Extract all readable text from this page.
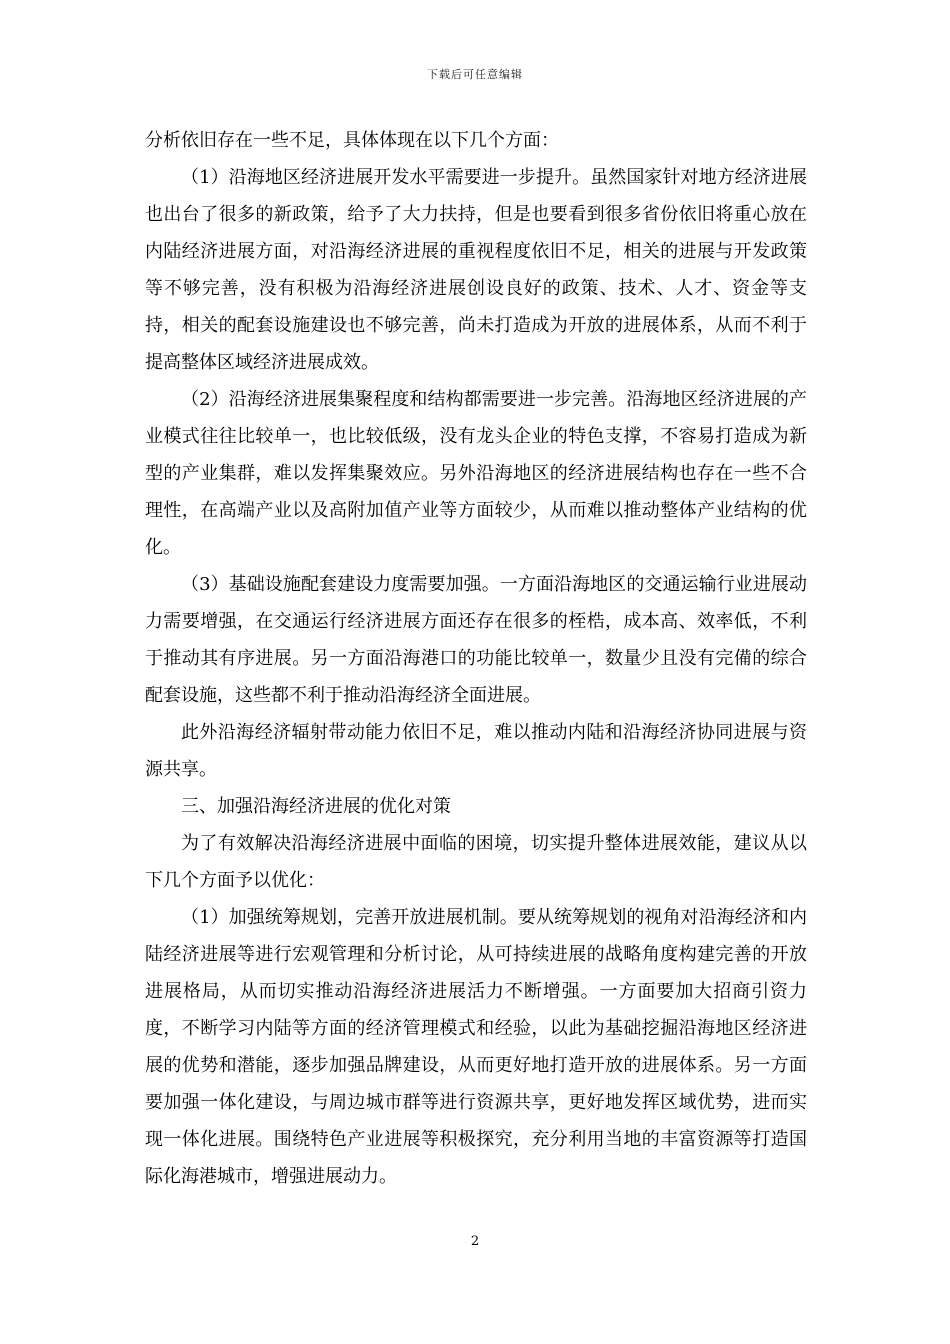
下载后可任意编辑

分析依旧存在一些不足，具体体现在以下几个方面：

（1）沿海地区经济进展开发水平需要进一步提升。虽然国家针对地方经济进展也出台了很多的新政策，给予了大力扶持，但是也要看到很多省份依旧将重心放在内陆经济进展方面，对沿海经济进展的重视程度依旧不足，相关的进展与开发政策等不够完善，没有积极为沿海经济进展创设良好的政策、技术、人才、资金等支持，相关的配套设施建设也不够完善，尚未打造成为开放的进展体系，从而不利于提高整体区域经济进展成效。

（2）沿海经济进展集聚程度和结构都需要进一步完善。沿海地区经济进展的产业模式往往比较单一，也比较低级，没有龙头企业的特色支撑，不容易打造成为新型的产业集群，难以发挥集聚效应。另外沿海地区的经济进展结构也存在一些不合理性，在高端产业以及高附加值产业等方面较少，从而难以推动整体产业结构的优化。

（3）基础设施配套建设力度需要加强。一方面沿海地区的交通运输行业进展动力需要增强，在交通运行经济进展方面还存在很多的桎梏，成本高、效率低，不利于推动其有序进展。另一方面沿海港口的功能比较单一，数量少且没有完備的综合配套设施，这些都不利于推动沿海经济全面进展。

此外沿海经济辐射带动能力依旧不足，难以推动内陆和沿海经济协同进展与资源共享。

三、加强沿海经济进展的优化对策

为了有效解决沿海经济进展中面临的困境，切实提升整体进展效能，建议从以下几个方面予以优化：

（1）加强统筹规划，完善开放进展机制。要从统筹规划的视角对沿海经济和内陆经济进展等进行宏观管理和分析讨论，从可持续进展的战略角度构建完善的开放进展格局，从而切实推动沿海经济进展活力不断增强。一方面要加大招商引资力度，不断学习内陆等方面的经济管理模式和经验，以此为基础挖掘沿海地区经济进展的优势和潜能，逐步加强品牌建设，从而更好地打造开放的进展体系。另一方面要加强一体化建设，与周边城市群等进行资源共享，更好地发挥区域优势，进而实现一体化进展。围绕特色产业进展等积极探究，充分利用当地的丰富资源等打造国际化海港城市，增强进展动力。

2
